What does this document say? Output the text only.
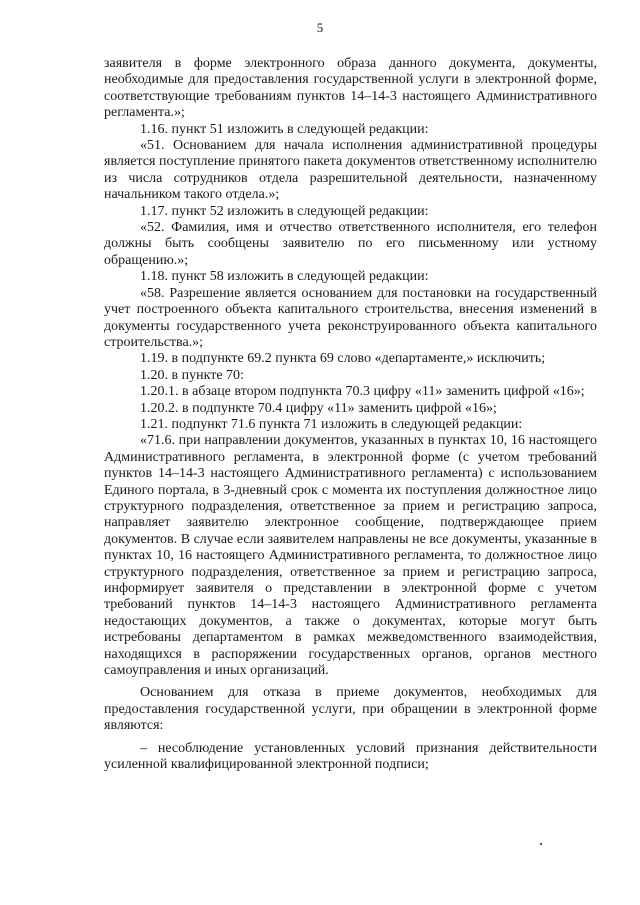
5

заявителя в форме электронного образа данного документа, документы, необходимые для предоставления государственной услуги в электронной форме, соответствующие требованиям пунктов 14–14-3 настоящего Административного регламента.»;

1.16. пункт 51 изложить в следующей редакции:

«51. Основанием для начала исполнения административной процедуры является поступление принятого пакета документов ответственному исполнителю из числа сотрудников отдела разрешительной деятельности, назначенному начальником такого отдела.»;

1.17. пункт 52 изложить в следующей редакции:

«52. Фамилия, имя и отчество ответственного исполнителя, его телефон должны быть сообщены заявителю по его письменному или устному обращению.»;

1.18. пункт 58 изложить в следующей редакции:

«58. Разрешение является основанием для постановки на государственный учет построенного объекта капитального строительства, внесения изменений в документы государственного учета реконструированного объекта капитального строительства.»;

1.19. в подпункте 69.2 пункта 69 слово «департаменте,» исключить;

1.20. в пункте 70:

1.20.1. в абзаце втором подпункта 70.3 цифру «11» заменить цифрой «16»;

1.20.2. в подпункте 70.4 цифру «11» заменить цифрой «16»;

1.21. подпункт 71.6 пункта 71 изложить в следующей редакции:

«71.6. при направлении документов, указанных в пунктах 10, 16 настоящего Административного регламента, в электронной форме (с учетом требований пунктов 14–14-3 настоящего Административного регламента) с использованием Единого портала, в 3-дневный срок с момента их поступления должностное лицо структурного подразделения, ответственное за прием и регистрацию запроса, направляет заявителю электронное сообщение, подтверждающее прием документов. В случае если заявителем направлены не все документы, указанные в пунктах 10, 16 настоящего Административного регламента, то должностное лицо структурного подразделения, ответственное за прием и регистрацию запроса, информирует заявителя о представлении в электронной форме с учетом требований пунктов 14–14-3 настоящего Административного регламента недостающих документов, а также о документах, которые могут быть истребованы департаментом в рамках межведомственного взаимодействия, находящихся в распоряжении государственных органов, органов местного самоуправления и иных организаций.

Основанием для отказа в приеме документов, необходимых для предоставления государственной услуги, при обращении в электронной форме являются:

– несоблюдение установленных условий признания действительности усиленной квалифицированной электронной подписи;
